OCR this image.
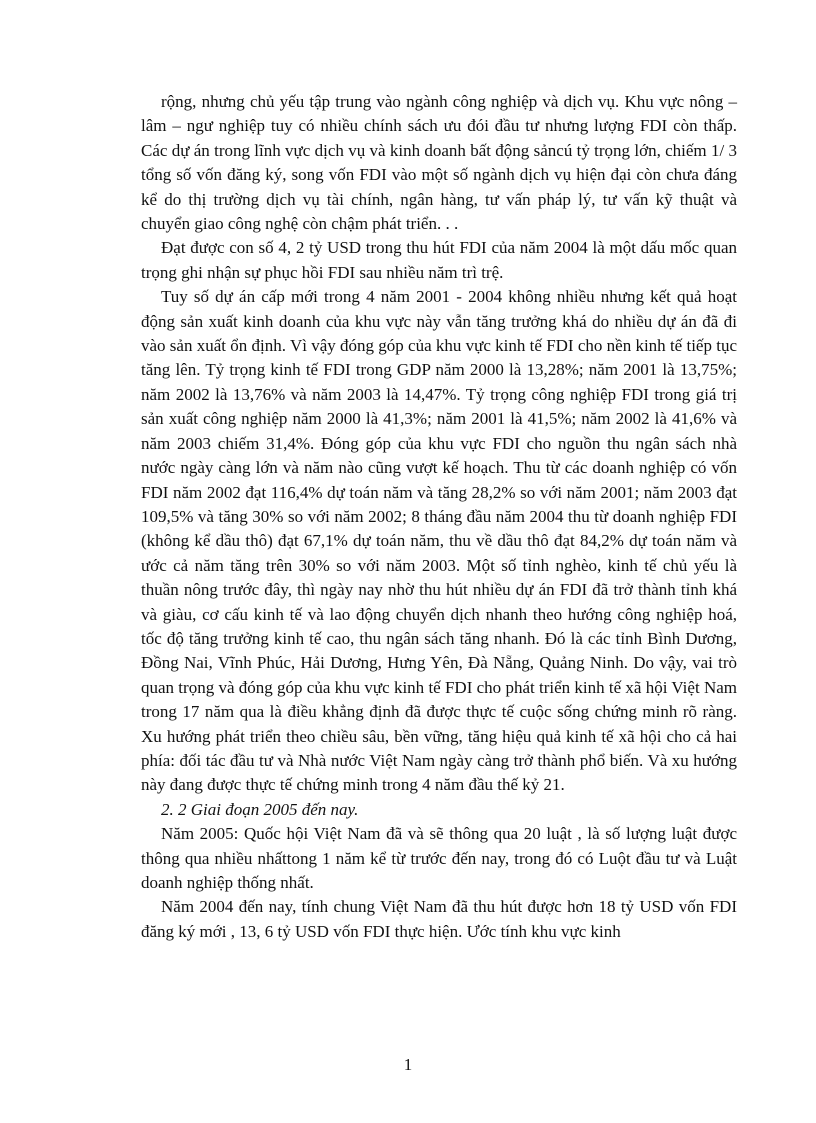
rộng, nhưng chủ yếu tập trung vào ngành công nghiệp và dịch vụ. Khu vực nông – lâm – ngư nghiệp tuy có nhiều chính sách ưu đói đầu tư nhưng lượng FDI còn thấp. Các dự án trong lĩnh vực dịch vụ và kinh doanh bất động sảncú tỷ trọng lớn, chiếm 1/ 3 tổng số vốn đăng ký, song vốn FDI vào một số ngành dịch vụ hiện đại còn chưa đáng kể do thị trường dịch vụ tài chính, ngân hàng, tư vấn pháp lý, tư vấn kỹ thuật và chuyển giao công nghệ còn chậm phát triển. . .

Đạt được con số 4, 2 tỷ USD trong thu hút FDI của năm 2004 là một dấu mốc quan trọng ghi nhận sự phục hồi FDI sau nhiều năm trì trệ.

Tuy số dự án cấp mới trong 4 năm 2001 - 2004 không nhiều nhưng kết quả hoạt động sản xuất kinh doanh của khu vực này vẫn tăng trưởng khá do nhiều dự án đã đi vào sản xuất ổn định. Vì vậy đóng góp của khu vực kinh tế FDI cho nền kinh tế tiếp tục tăng lên. Tỷ trọng kinh tế FDI trong GDP năm 2000 là 13,28%; năm 2001 là 13,75%; năm 2002 là 13,76% và năm 2003 là 14,47%. Tỷ trọng công nghiệp FDI trong giá trị sản xuất công nghiệp năm 2000 là 41,3%; năm 2001 là 41,5%; năm 2002 là 41,6% và năm 2003 chiếm 31,4%. Đóng góp của khu vực FDI cho nguồn thu ngân sách nhà nước ngày càng lớn và năm nào cũng vượt kế hoạch. Thu từ các doanh nghiệp có vốn FDI năm 2002 đạt 116,4% dự toán năm và tăng 28,2% so với năm 2001; năm 2003 đạt 109,5% và tăng 30% so với năm 2002; 8 tháng đầu năm 2004 thu từ doanh nghiệp FDI (không kể dầu thô) đạt 67,1% dự toán năm, thu về dầu thô đạt 84,2% dự toán năm và ước cả năm tăng trên 30% so với năm 2003. Một số tỉnh nghèo, kinh tế chủ yếu là thuần nông trước đây, thì ngày nay nhờ thu hút nhiều dự án FDI đã trở thành tỉnh khá và giàu, cơ cấu kinh tế và lao động chuyển dịch nhanh theo hướng công nghiệp hoá, tốc độ tăng trưởng kinh tế cao, thu ngân sách tăng nhanh. Đó là các tỉnh Bình Dương, Đồng Nai, Vĩnh Phúc, Hải Dương, Hưng Yên, Đà Nẵng, Quảng Ninh. Do vậy, vai trò quan trọng và đóng góp của khu vực kinh tế FDI cho phát triển kinh tế xã hội Việt Nam trong 17 năm qua là điều khẳng định đã được thực tế cuộc sống chứng minh rõ ràng. Xu hướng phát triển theo chiều sâu, bền vững, tăng hiệu quả kinh tế xã hội cho cả hai phía: đối tác đầu tư và Nhà nước Việt Nam ngày càng trở thành phổ biến. Và xu hướng này đang được thực tế chứng minh trong 4 năm đầu thế kỷ 21.

2. 2 Giai đoạn 2005 đến nay.

Năm 2005: Quốc hội Việt Nam đã và sẽ thông qua 20 luật , là số lượng luật được thông qua nhiều nhấttong 1 năm kể từ trước đến nay, trong đó có Luột đầu tư và Luật doanh nghiệp thống nhất.

Năm 2004 đến nay, tính chung Việt Nam đã thu hút được hơn 18 tỷ USD vốn FDI đăng ký mới , 13, 6 tỷ USD vốn FDI thực hiện. Ước tính khu vực kinh

1
